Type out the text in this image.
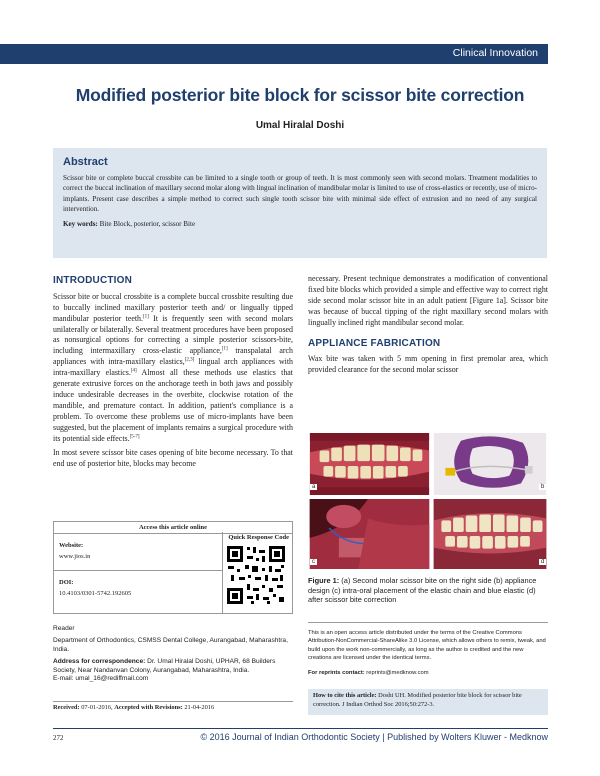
Clinical Innovation
Modified posterior bite block for scissor bite correction
Umal Hiralal Doshi
Abstract

Scissor bite or complete buccal crossbite can be limited to a single tooth or group of teeth. It is most commonly seen with second molars. Treatment modalities to correct the buccal inclination of maxillary second molar along with lingual inclination of mandibular molar is limited to use of cross-elastics or recently, use of micro-implants. Present case describes a simple method to correct such single tooth scissor bite with minimal side effect of extrusion and no need of any surgical intervention.

Key words: Bite Block, posterior, scissor Bite
INTRODUCTION

Scissor bite or buccal crossbite is a complete buccal crossbite resulting due to buccally inclined maxillary posterior teeth and/ or lingually tipped mandibular posterior teeth.[1] It is frequently seen with second molars unilaterally or bilaterally. Several treatment procedures have been proposed as nonsurgical options for correcting a simple posterior scissors-bite, including intermaxillary cross-elastic appliance,[1] transpalatal arch appliances with intra-maxillary elastics,[2,3] lingual arch appliances with intra-maxillary elastics.[4] Almost all these methods use elastics that generate extrusive forces on the anchorage teeth in both jaws and possibly induce undesirable decreases in the overbite, clockwise rotation of the mandible, and premature contact. In addition, patient's compliance is a problem. To overcome these problems use of micro-implants have been suggested, but the placement of implants remains a surgical procedure with its potential side effects.[5-7]

In most severe scissor bite cases opening of bite become necessary. To that end use of posterior bite, blocks may become

necessary. Present technique demonstrates a modification of conventional fixed bite blocks which provided a simple and effective way to correct right side second molar scissor bite in an adult patient [Figure 1a]. Scissor bite was because of buccal tipping of the right maxillary second molars with lingually inclined right mandibular second molar.

APPLIANCE FABRICATION

Wax bite was taken with 5 mm opening in first premolar area, which provided clearance for the second molar scissor

Access this article online
Quick Response Code
Website:
www.jios.in
DOI:
10.4103/0301-5742.192605

Reader

Department of Orthodontics, CSMSS Dental College, Aurangabad, Maharashtra, India.

Address for correspondence: Dr. Umal Hiralal Doshi, UPHAR, 68 Builders Society, Near Nandanvan Colony, Aurangabad, Maharashtra, India.
E-mail: umal_16@rediffmail.com

Received: 07-01-2016, Accepted with Revisions: 21-04-2016
a	b
c	d
Figure 1: (a) Second molar scissor bite on the right side (b) appliance design (c) intra-oral placement of the elastic chain and blue elastic (d) after scissor bite correction
This is an open access article distributed under the terms of the Creative Commons Attribution-NonCommercial-ShareAlike 3.0 License, which allows others to remix, tweak, and build upon the work non-commercially, as long as the author is credited and the new creations are licensed under the identical terms.
For reprints contact: reprints@medknow.com
How to cite this article: Doshi UH. Modified posterior bite block for scissor bite correction. J Indian Orthod Soc 2016;50:272-3.
272	© 2016 Journal of Indian Orthodontic Society | Published by Wolters Kluwer - Medknow
